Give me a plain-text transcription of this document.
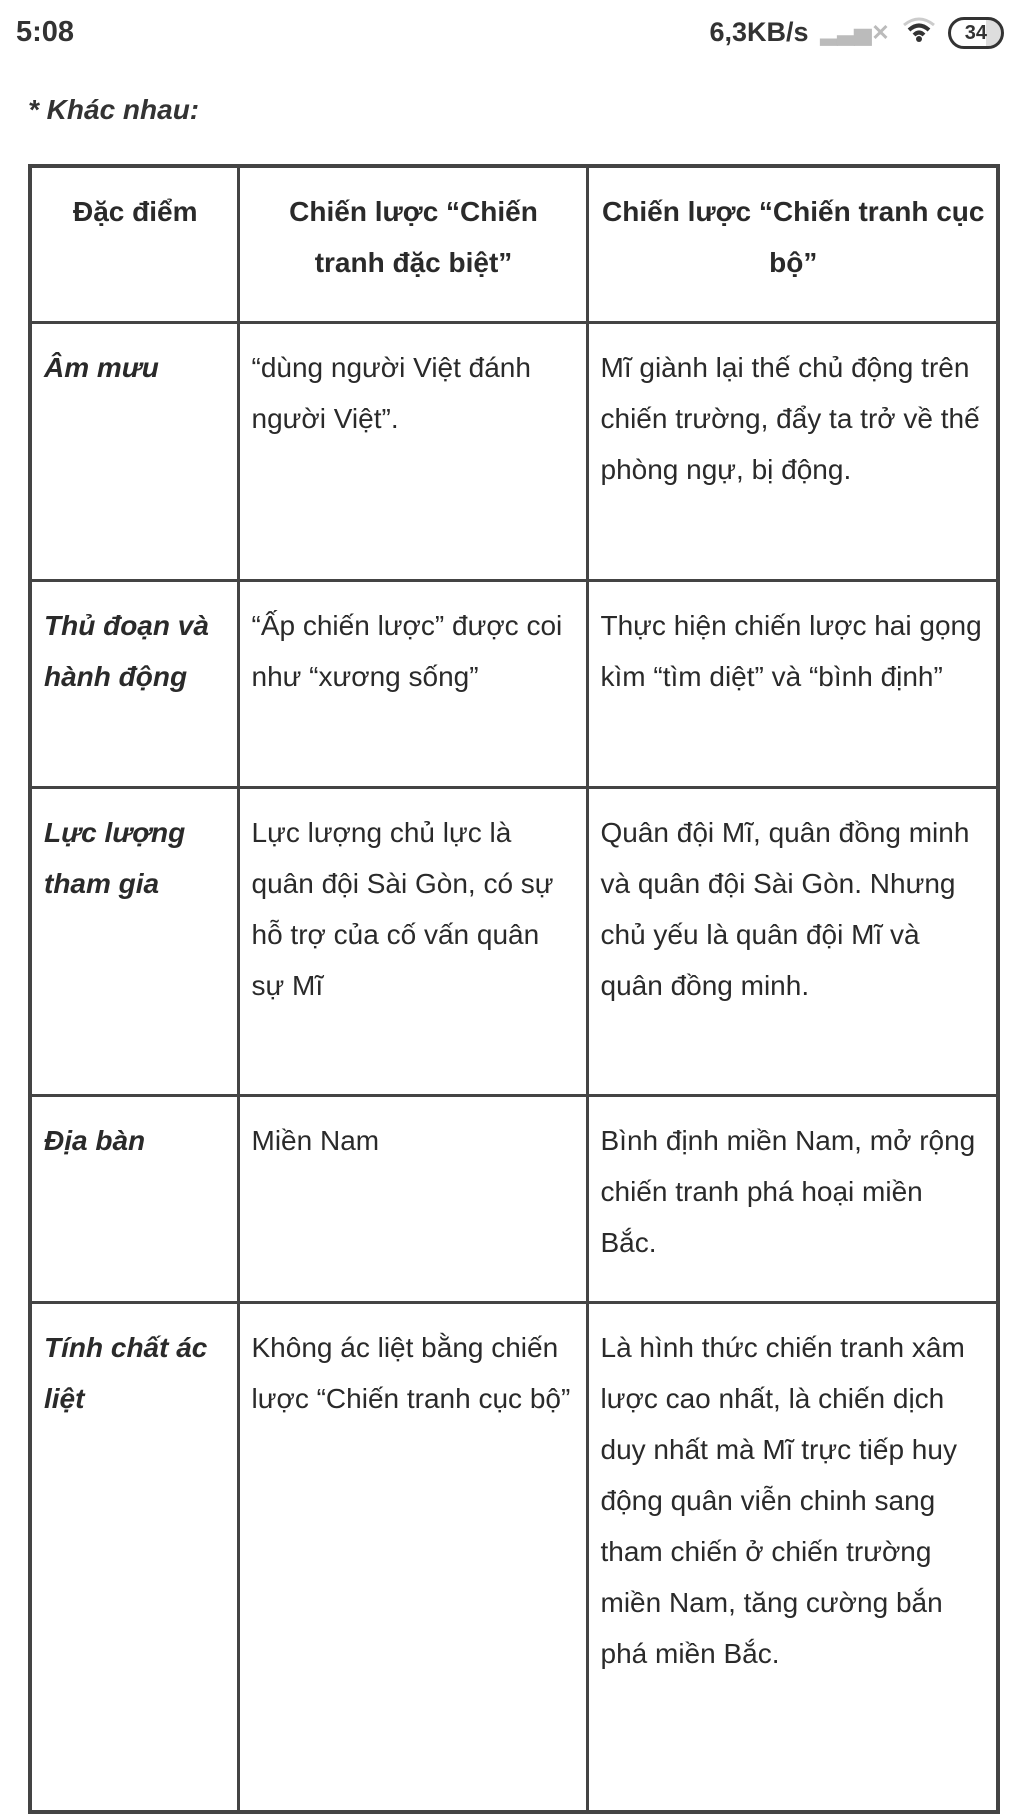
5:08	6,3KB/s ▂▃▅✕	34
* Khác nhau:
Đặc điểm	Chiến lược “Chiến tranh đặc biệt”	Chiến lược “Chiến tranh cục bộ”
Âm mưu	“dùng người Việt đánh người Việt”.	Mĩ giành lại thế chủ động trên chiến trường, đẩy ta trở về thế phòng ngự, bị động.
Thủ đoạn và hành động	“Ấp chiến lược” được coi như “xương sống”	Thực hiện chiến lược hai gọng kìm “tìm diệt” và “bình định”
Lực lượng tham gia	Lực lượng chủ lực là quân đội Sài Gòn, có sự hỗ trợ của cố vấn quân sự Mĩ	Quân đội Mĩ, quân đồng minh và quân đội Sài Gòn. Nhưng chủ yếu là quân đội Mĩ và quân đồng minh.
Địa bàn	Miền Nam	Bình định miền Nam, mở rộng chiến tranh phá hoại miền Bắc.
Tính chất ác liệt	Không ác liệt bằng chiến lược “Chiến tranh cục bộ”	Là hình thức chiến tranh xâm lược cao nhất, là chiến dịch duy nhất mà Mĩ trực tiếp huy động quân viễn chinh sang tham chiến ở chiến trường miền Nam, tăng cường bắn phá miền Bắc.
